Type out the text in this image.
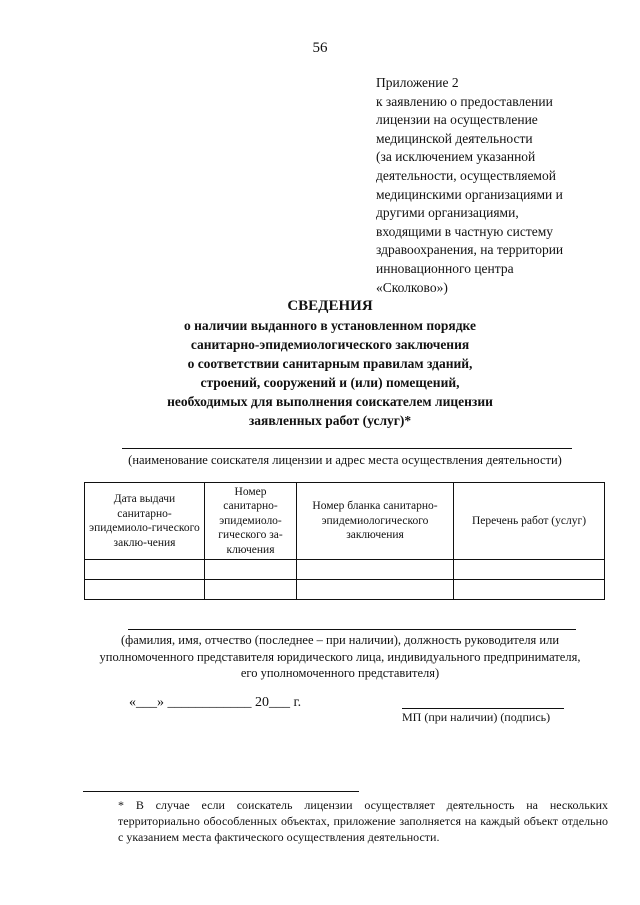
56
Приложение 2
к заявлению о предоставлении
лицензии на осуществление
медицинской деятельности
(за исключением указанной
деятельности, осуществляемой
медицинскими организациями и
другими организациями,
входящими в частную систему
здравоохранения, на территории
инновационного центра
«Сколково»)
СВЕДЕНИЯ
о наличии выданного в установленном порядке
санитарно-эпидемиологического заключения
о соответствии санитарным правилам зданий,
строений, сооружений и (или) помещений,
необходимых для выполнения соискателем лицензии
заявленных работ (услуг)*
(наименование соискателя лицензии и адрес места осуществления деятельности)
Дата выдачи санитарно-эпидемиоло-гического заклю-чения	Номер санитарно-эпидемиоло-гического за-ключения	Номер бланка санитарно-эпидемиологического заключения	Перечень работ (услуг)

(фамилия, имя, отчество (последнее – при наличии), должность руководителя или
уполномоченного представителя юридического лица, индивидуального предпринимателя,
его уполномоченного представителя)
«___» ____________ 20___ г.
МП (при наличии) (подпись)
* В случае если соискатель лицензии осуществляет деятельность на нескольких территориально обособленных объектах, приложение заполняется на каждый объект отдельно с указанием места фактического осуществления деятельности.
